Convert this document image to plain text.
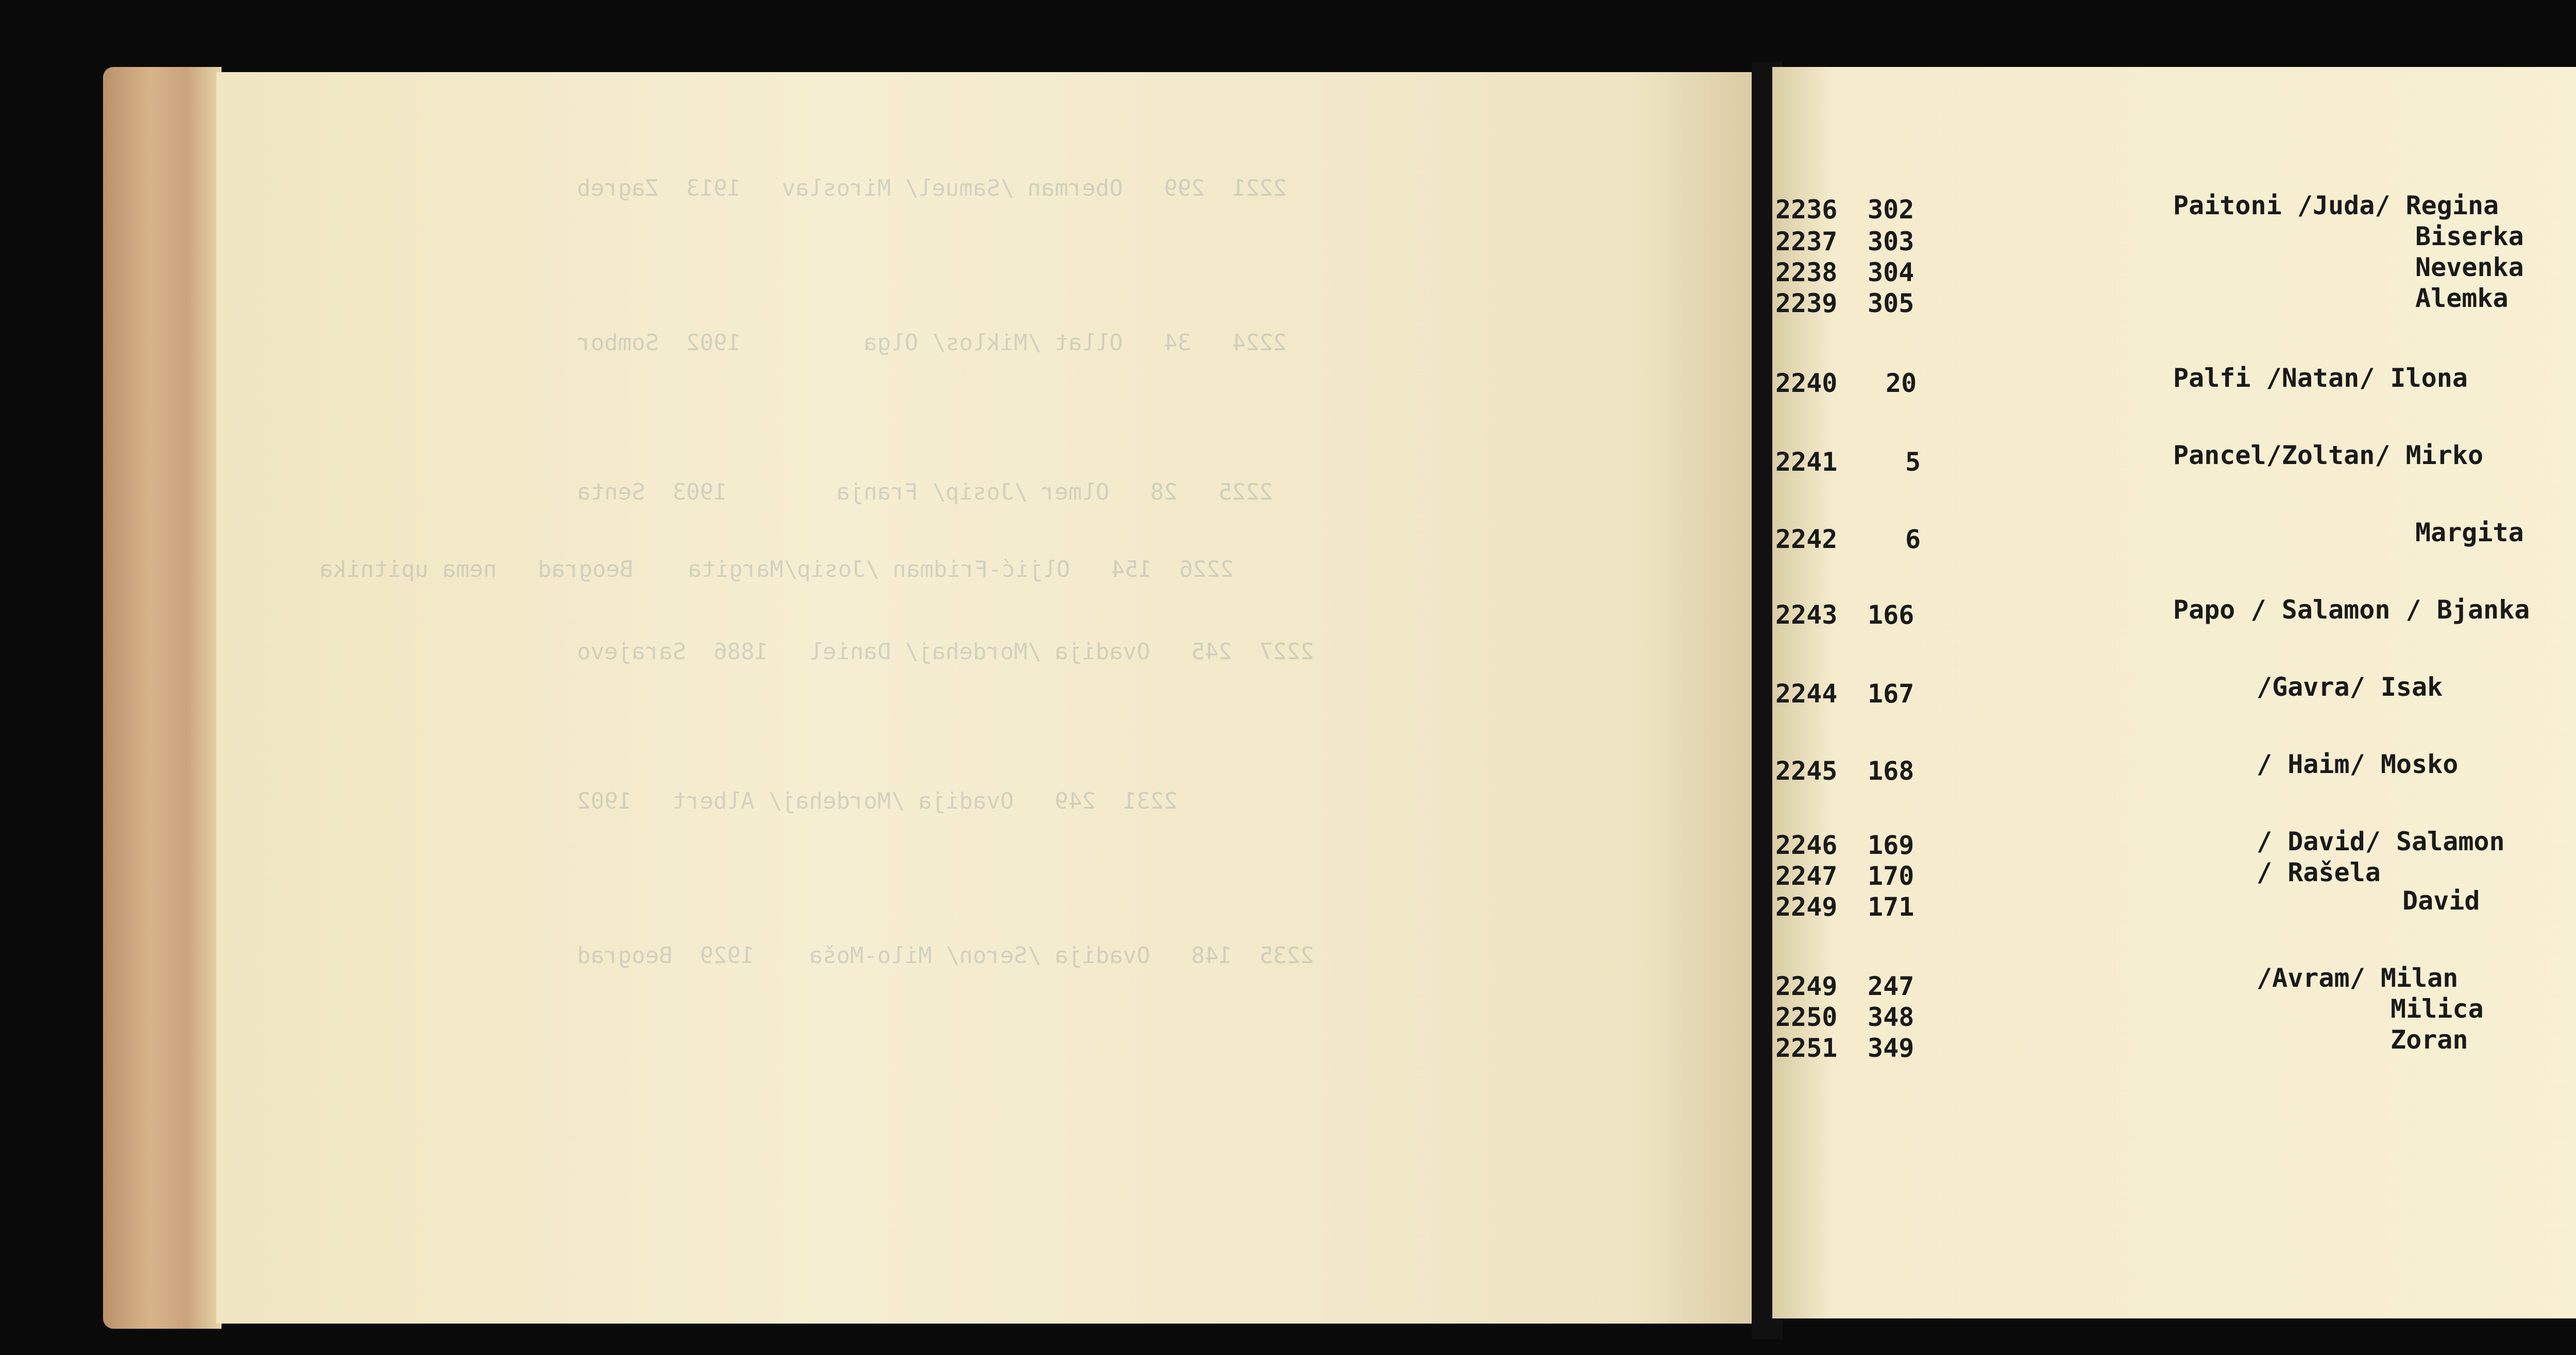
2221  299   Oberman /Samuel/ Miroslav   1913  Zagreb
2224   34   Ollat /Miklos/ Olga         1902  Sombor
2225   28   Olmer /Josip/ Franja        1903  Senta
2226  154   Oljić-Fridman /Josip/Margita    Beograd   nema upitnika
2227  245   Ovadija /Mordehaj/ Daniel   1886  Sarajevo
2231  249   Ovadija /Mordehaj/ Albert   1902
2235  148   Ovadija /Seron/ Milo-Moša    1929  Beograd
2236 302	Paitoni /Juda/ Regina
2237 303	Biserka
2238 304	Nevenka
2239 305	Alemka
2240 20	Palfi /Natan/ Ilona
2241	5	Pancel/Zoltan/ Mirko
2242	6	Margita
2243 166	Papo / Salamon / Bjanka
2244 167	/Gavra/ Isak
2245 168	/ Haim/ Mosko
2246 169	/ David/ Salamon
2247 170	/ Rašela
2249 171	David
2249 247	/Avram/ Milan
2250 348	Milica
2251 349	Zoran
